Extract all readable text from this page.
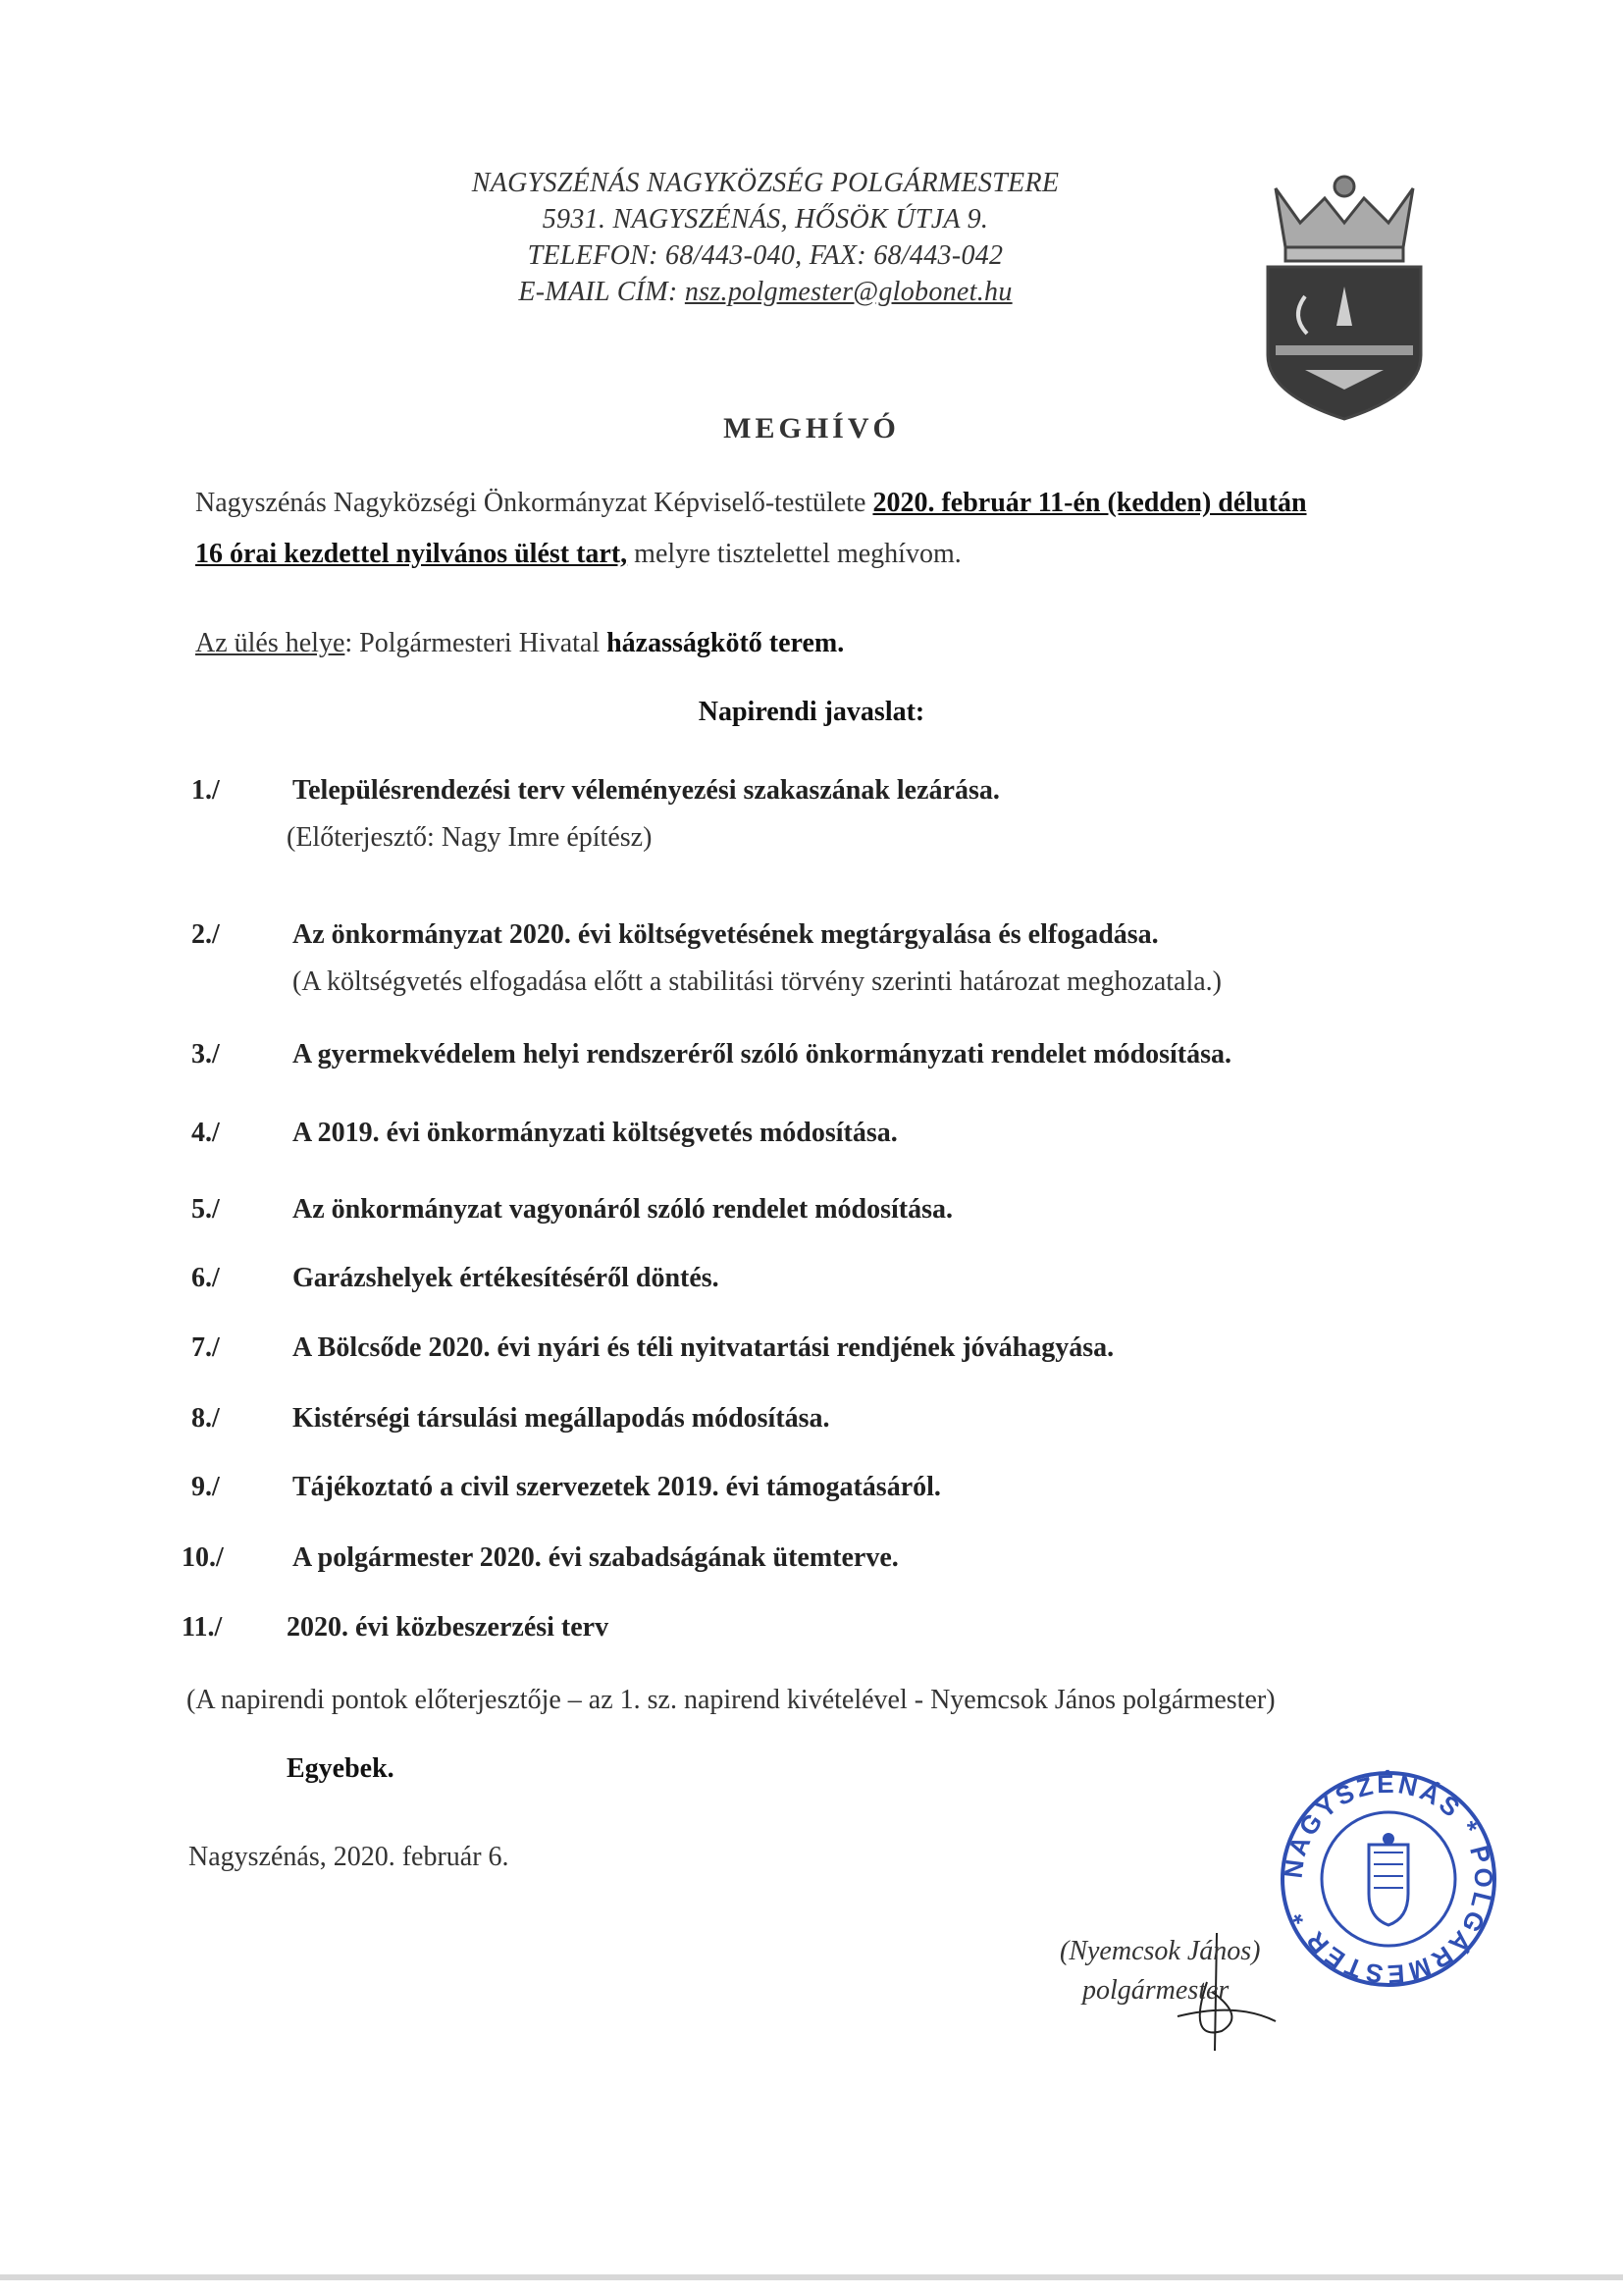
NAGYSZÉNÁS NAGYKÖZSÉG POLGÁRMESTERE
5931. NAGYSZÉNÁS, HŐSÖK ÚTJA 9.
TELEFON: 68/443-040, FAX: 68/443-042
E-MAIL CÍM: nsz.polgmester@globonet.hu
MEGHÍVÓ
Nagyszénás Nagyközségi Önkormányzat Képviselő-testülete 2020. február 11-én (kedden) délután
16 órai kezdettel nyilvános ülést tart, melyre tisztelettel meghívom.
Az ülés helye: Polgármesteri Hivatal házasságkötő terem.
Napirendi javaslat:
1./	Településrendezési terv véleményezési szakaszának lezárása.
(Előterjesztő: Nagy Imre építész)
2./	Az önkormányzat 2020. évi költségvetésének megtárgyalása és elfogadása.
(A költségvetés elfogadása előtt a stabilitási törvény szerinti határozat meghozatala.)
3./	A gyermekvédelem helyi rendszeréről szóló önkormányzati rendelet módosítása.
4./	A 2019. évi önkormányzati költségvetés módosítása.
5./	Az önkormányzat vagyonáról szóló rendelet módosítása.
6./	Garázshelyek értékesítéséről döntés.
7./	A Bölcsőde 2020. évi nyári és téli nyitvatartási rendjének jóváhagyása.
8./	Kistérségi társulási megállapodás módosítása.
9./	Tájékoztató a civil szervezetek 2019. évi támogatásáról.
10./	A polgármester 2020. évi szabadságának ütemterve.
11./ 2020. évi közbeszerzési terv
(A napirendi pontok előterjesztője – az 1. sz. napirend kivételével - Nyemcsok János polgármester)
Egyebek.
Nagyszénás, 2020. február 6.
(Nyemcsok János)
polgármester
NAGYSZÉNÁS * POLGÁRMESTER *
